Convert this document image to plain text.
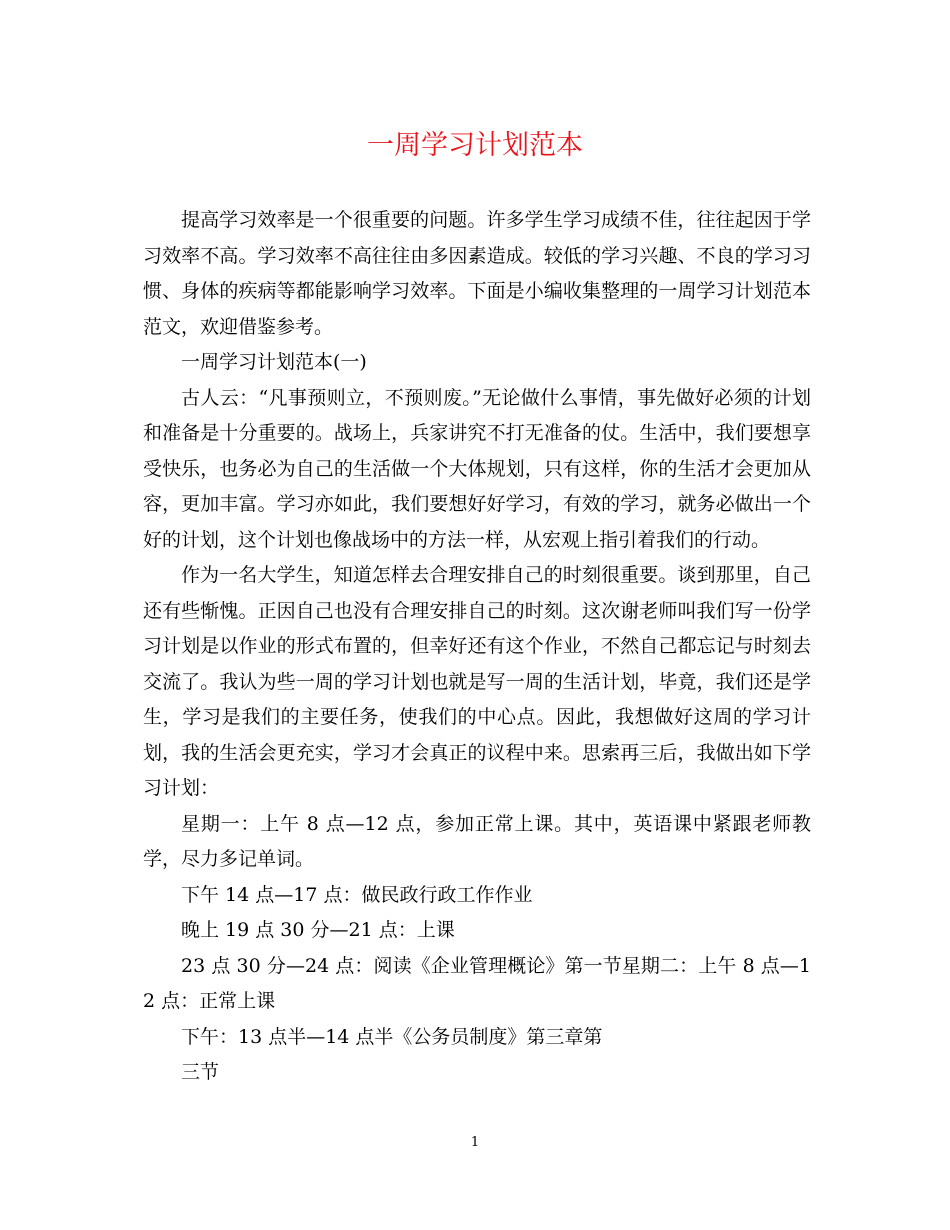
一周学习计划范本

提高学习效率是一个很重要的问题。许多学生学习成绩不佳，往往起因于学习效率不高。学习效率不高往往由多因素造成。较低的学习兴趣、不良的学习习惯、身体的疾病等都能影响学习效率。下面是小编收集整理的一周学习计划范本范文，欢迎借鉴参考。

一周学习计划范本(一)

古人云：“凡事预则立，不预则废。”无论做什么事情，事先做好必须的计划和准备是十分重要的。战场上，兵家讲究不打无准备的仗。生活中，我们要想享受快乐，也务必为自己的生活做一个大体规划，只有这样，你的生活才会更加从容，更加丰富。学习亦如此，我们要想好好学习，有效的学习，就务必做出一个好的计划，这个计划也像战场中的方法一样，从宏观上指引着我们的行动。

作为一名大学生，知道怎样去合理安排自己的时刻很重要。谈到那里，自己还有些惭愧。正因自己也没有合理安排自己的时刻。这次谢老师叫我们写一份学习计划是以作业的形式布置的，但幸好还有这个作业，不然自己都忘记与时刻去交流了。我认为些一周的学习计划也就是写一周的生活计划，毕竟，我们还是学生，学习是我们的主要任务，使我们的中心点。因此，我想做好这周的学习计划，我的生活会更充实，学习才会真正的议程中来。思索再三后，我做出如下学习计划：

星期一：上午 8 点—12 点，参加正常上课。其中，英语课中紧跟老师教学，尽力多记单词。

下午 14 点—17 点：做民政行政工作作业

晚上 19 点 30 分—21 点：上课

23 点 30 分—24 点：阅读《企业管理概论》第一节星期二：上午 8 点—12 点：正常上课

下午：13 点半—14 点半《公务员制度》第三章第

三节

1
